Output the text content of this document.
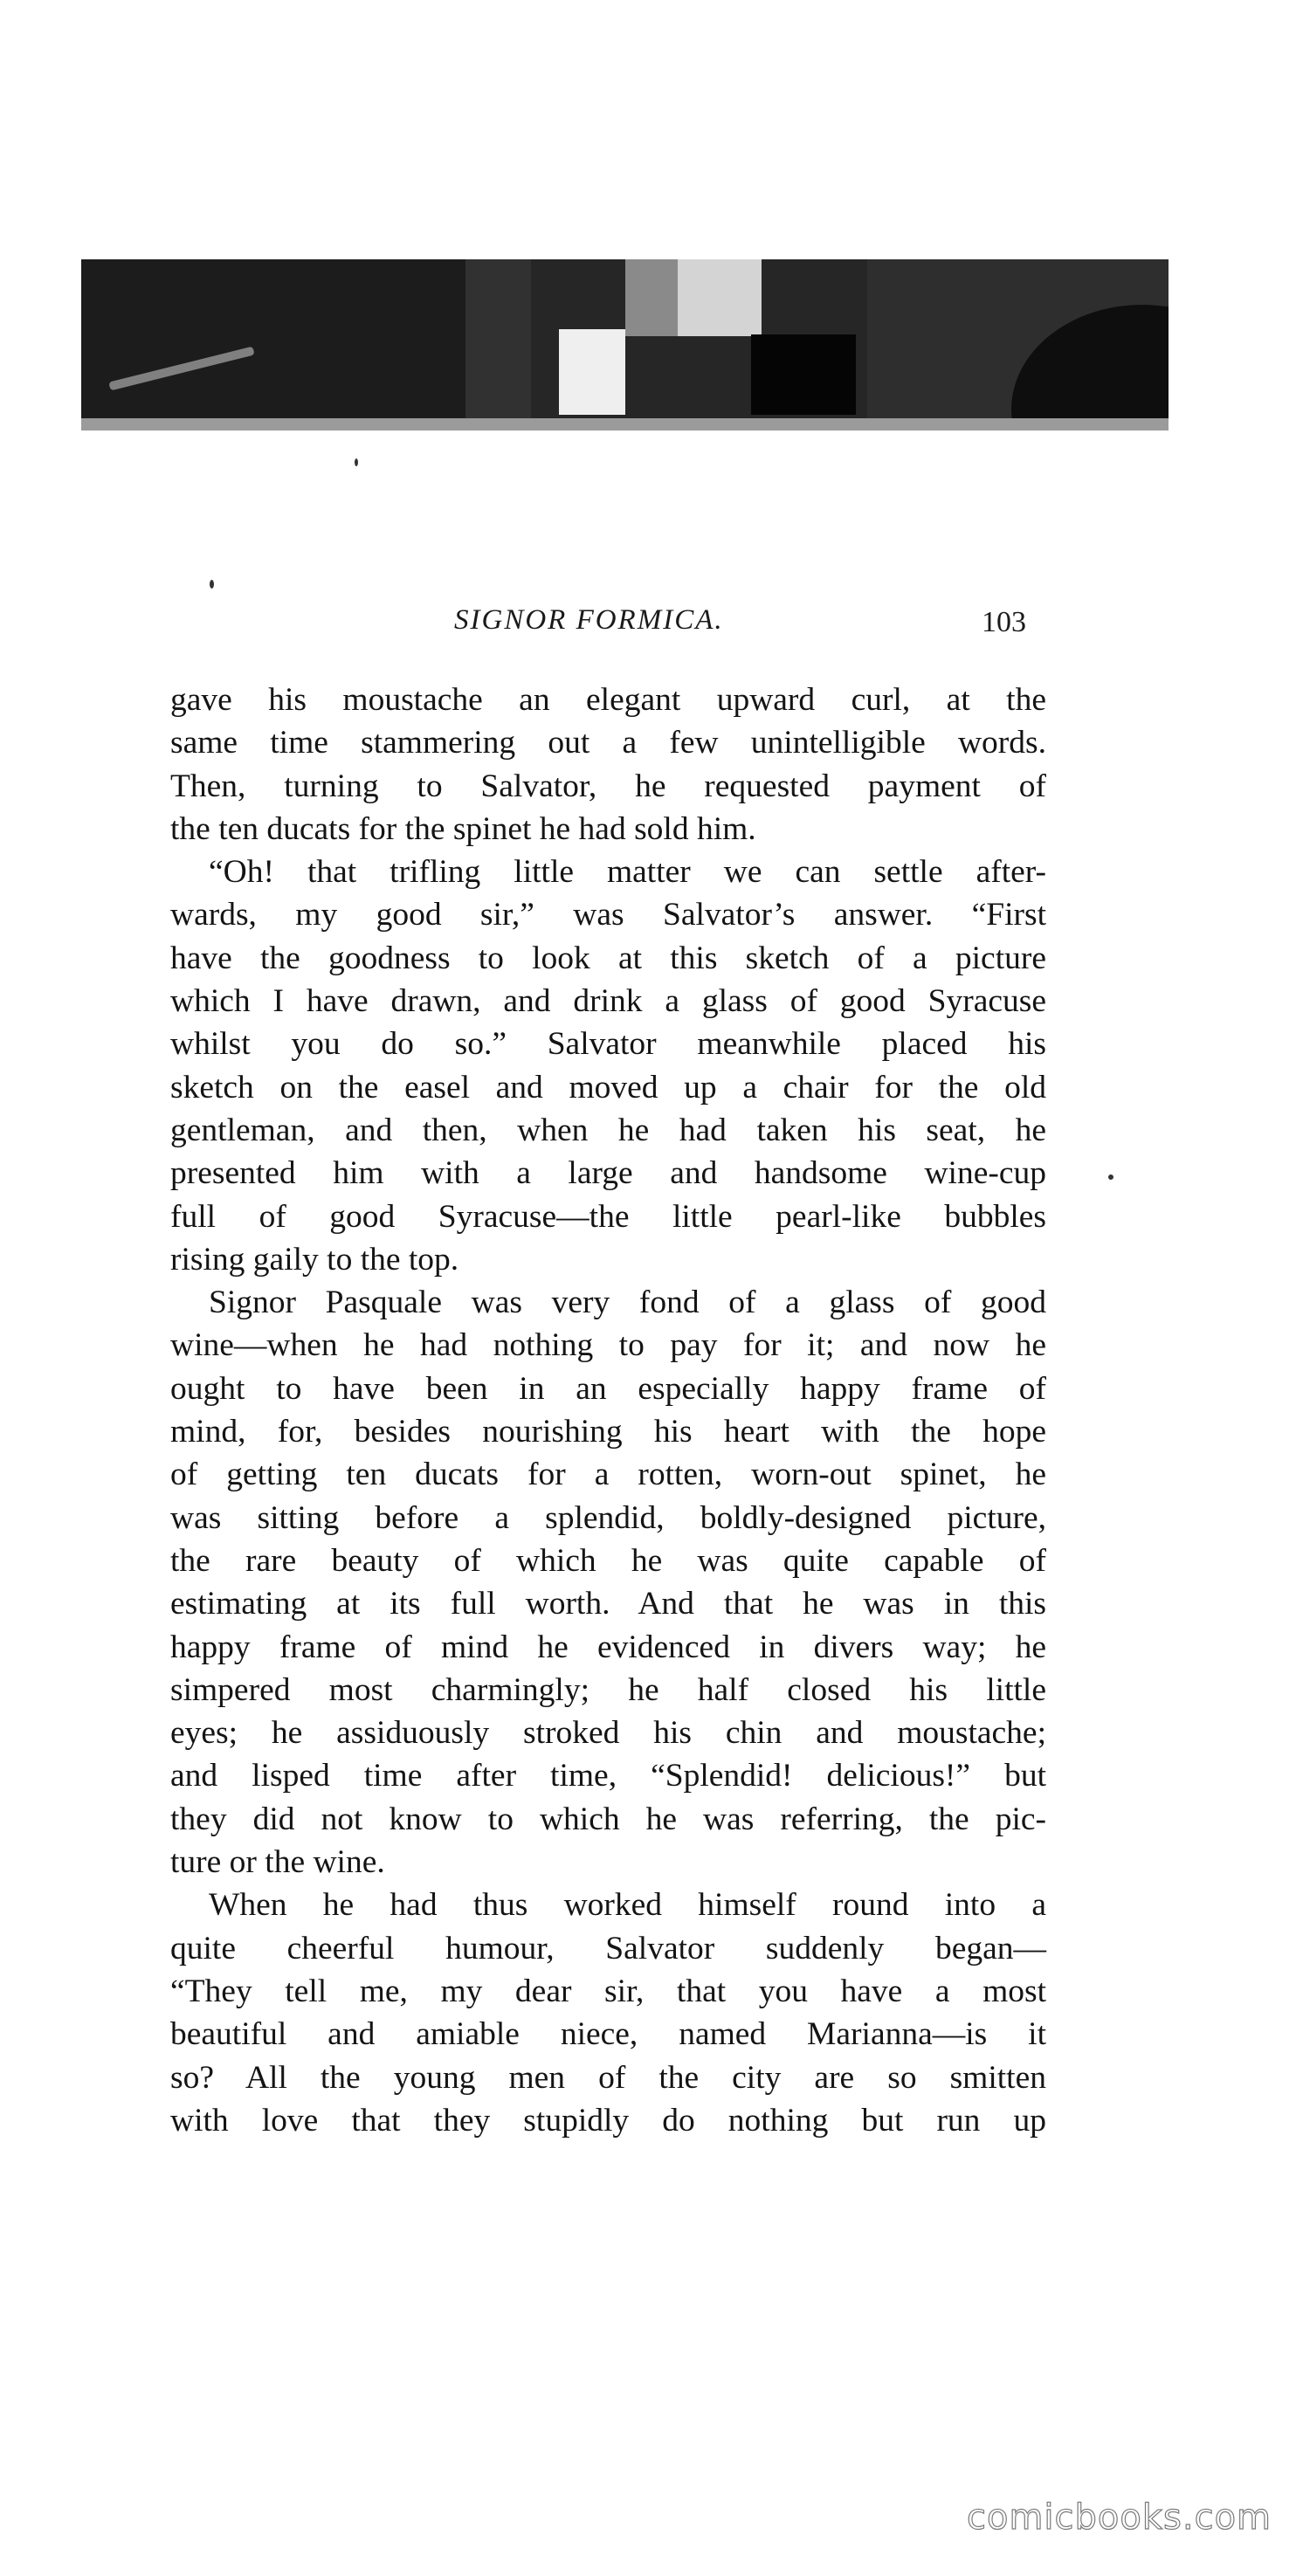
SIGNOR FORMICA.	103
gave his moustache an elegant upward curl, at the
same time stammering out a few unintelligible words.
Then, turning to Salvator, he requested payment of
the ten ducats for the spinet he had sold him.
“Oh! that trifling little matter we can settle after-
wards, my good sir,” was Salvator’s answer. “First
have the goodness to look at this sketch of a picture
which I have drawn, and drink a glass of good Syracuse
whilst you do so.” Salvator meanwhile placed his
sketch on the easel and moved up a chair for the old
gentleman, and then, when he had taken his seat, he
presented him with a large and handsome wine-cup
full of good Syracuse—the little pearl-like bubbles
rising gaily to the top.
Signor Pasquale was very fond of a glass of good
wine—when he had nothing to pay for it; and now he
ought to have been in an especially happy frame of
mind, for, besides nourishing his heart with the hope
of getting ten ducats for a rotten, worn-out spinet, he
was sitting before a splendid, boldly-designed picture,
the rare beauty of which he was quite capable of
estimating at its full worth. And that he was in this
happy frame of mind he evidenced in divers way; he
simpered most charmingly; he half closed his little
eyes; he assiduously stroked his chin and moustache;
and lisped time after time, “Splendid! delicious!” but
they did not know to which he was referring, the pic-
ture or the wine.
When he had thus worked himself round into a
quite cheerful humour, Salvator suddenly began—
“They tell me, my dear sir, that you have a most
beautiful and amiable niece, named Marianna—is it
so? All the young men of the city are so smitten
with love that they stupidly do nothing but run up
comicbooks.com
